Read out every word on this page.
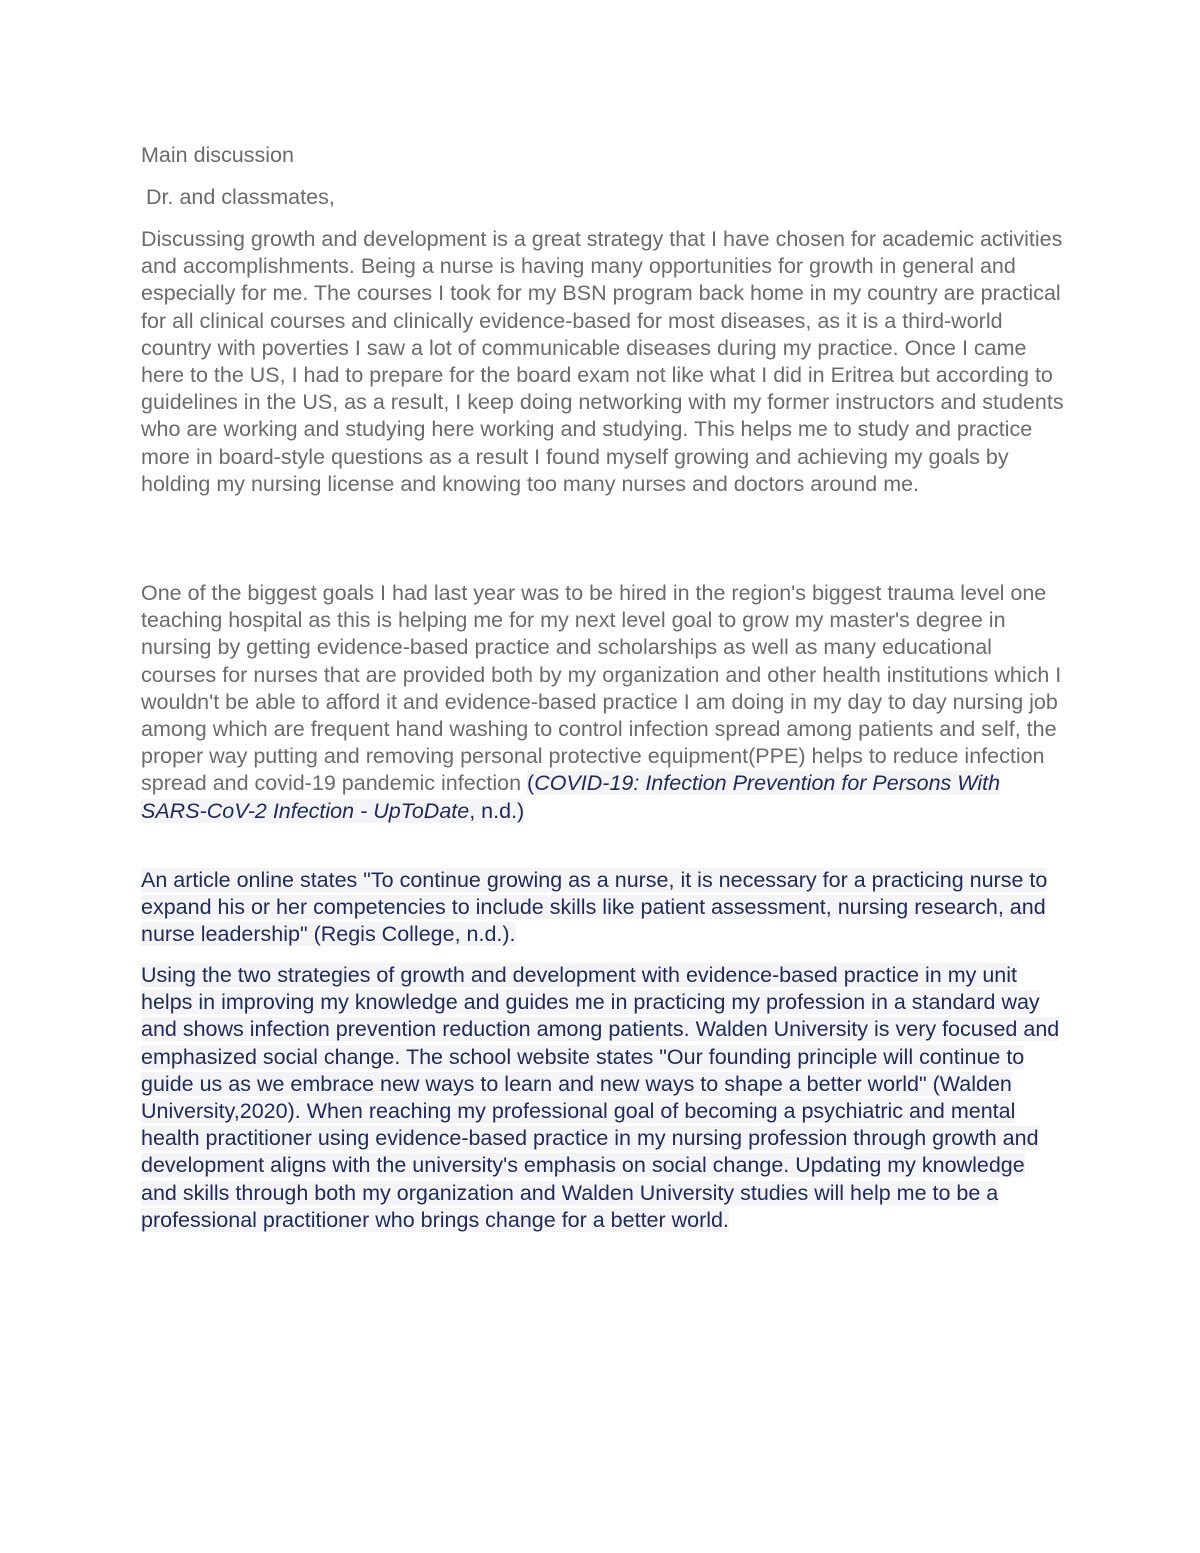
Main discussion
Dr. and classmates,

Discussing growth and development is a great strategy that I have chosen for academic activities and accomplishments. Being a nurse is having many opportunities for growth in general and especially for me. The courses I took for my BSN program back home in my country are practical for all clinical courses and clinically evidence-based for most diseases, as it is a third-world country with poverties I saw a lot of communicable diseases during my practice. Once I came here to the US, I had to prepare for the board exam not like what I did in Eritrea but according to guidelines in the US, as a result, I keep doing networking with my former instructors and students who are working and studying here working and studying. This helps me to study and practice more in board-style questions as a result I found myself growing and achieving my goals by holding my nursing license and knowing too many nurses and doctors around me.

One of the biggest goals I had last year was to be hired in the region's biggest trauma level one teaching hospital as this is helping me for my next level goal to grow my master's degree in nursing by getting evidence-based practice and scholarships as well as many educational courses for nurses that are provided both by my organization and other health institutions which I wouldn't be able to afford it and evidence-based practice I am doing in my day to day nursing job among which are frequent hand washing to control infection spread among patients and self, the proper way putting and removing personal protective equipment(PPE) helps to reduce infection spread and covid-19 pandemic infection (COVID-19: Infection Prevention for Persons With SARS-CoV-2 Infection - UpToDate, n.d.)

An article online states "To continue growing as a nurse, it is necessary for a practicing nurse to expand his or her competencies to include skills like patient assessment, nursing research, and nurse leadership" (Regis College, n.d.).

Using the two strategies of growth and development with evidence-based practice in my unit helps in improving my knowledge and guides me in practicing my profession in a standard way and shows infection prevention reduction among patients. Walden University is very focused and emphasized social change. The school website states "Our founding principle will continue to guide us as we embrace new ways to learn and new ways to shape a better world" (Walden University,2020). When reaching my professional goal of becoming a psychiatric and mental health practitioner using evidence-based practice in my nursing profession through growth and development aligns with the university's emphasis on social change. Updating my knowledge and skills through both my organization and Walden University studies will help me to be a professional practitioner who brings change for a better world.
